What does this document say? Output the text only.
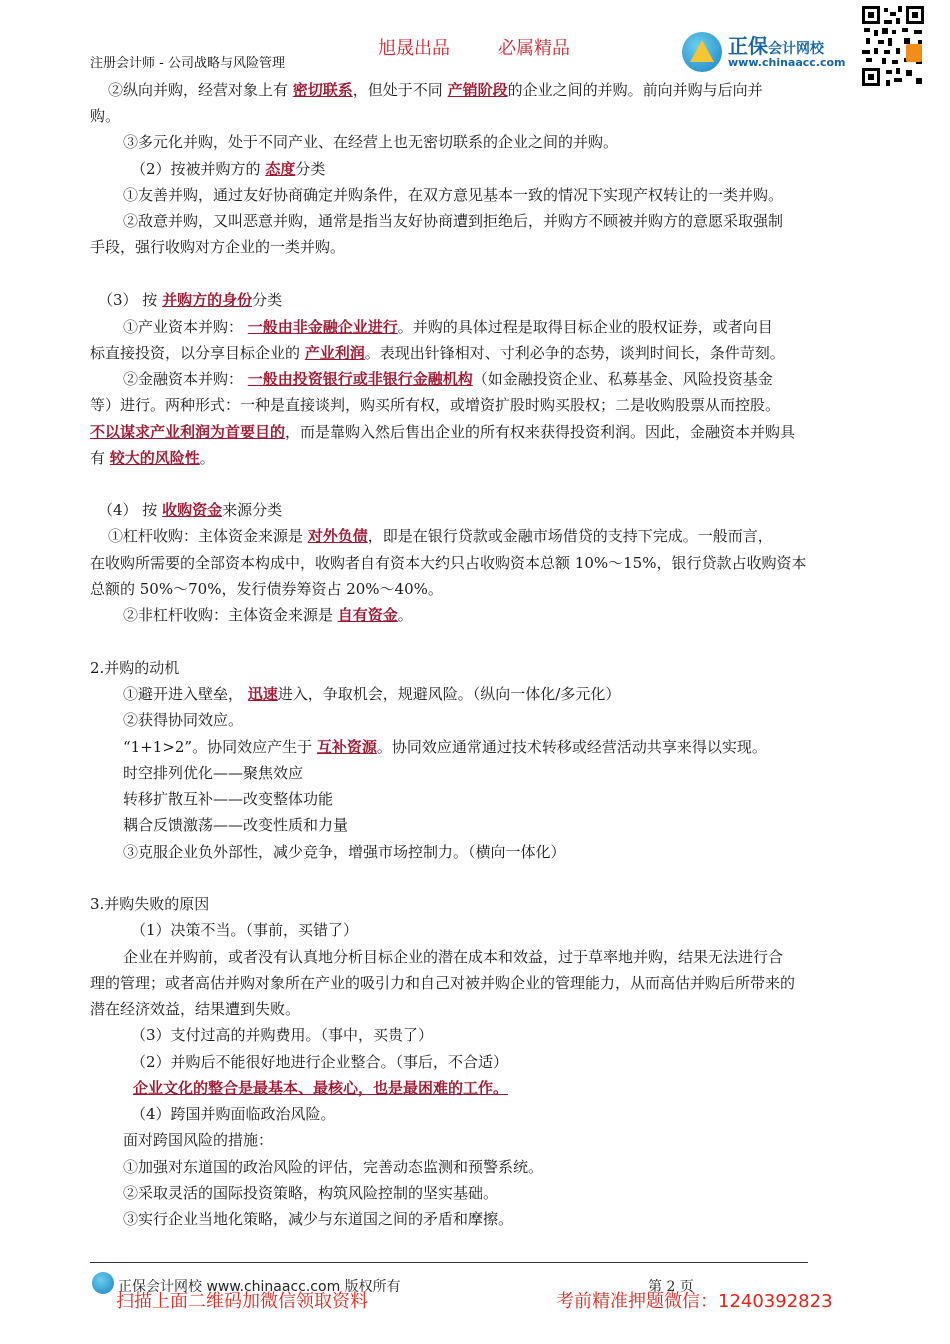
注册会计师 - 公司战略与风险管理
旭晟出品	必属精品	正保会计网校
www.chinaacc.com
②纵向并购，经营对象上有 密切联系，但处于不同 产销阶段的企业之间的并购。前向并购与后向并
购。
③多元化并购，处于不同产业、在经营上也无密切联系的企业之间的并购。
（2）按被并购方的 态度分类
①友善并购，通过友好协商确定并购条件，在双方意见基本一致的情况下实现产权转让的一类并购。
②敌意并购，又叫恶意并购，通常是指当友好协商遭到拒绝后，并购方不顾被并购方的意愿采取强制
手段，强行收购对方企业的一类并购。
（3） 按 并购方的身份分类
①产业资本并购： 一般由非金融企业进行。并购的具体过程是取得目标企业的股权证券，或者向目
标直接投资，以分享目标企业的 产业利润。表现出针锋相对、寸利必争的态势，谈判时间长，条件苛刻。
②金融资本并购： 一般由投资银行或非银行金融机构（如金融投资企业、私募基金、风险投资基金
等）进行。两种形式：一种是直接谈判，购买所有权，或增资扩股时购买股权；二是收购股票从而控股。
不以谋求产业利润为首要目的，而是靠购入然后售出企业的所有权来获得投资利润。因此，金融资本并购具
有 较大的风险性。
（4） 按 收购资金来源分类
①杠杆收购：主体资金来源是 对外负债，即是在银行贷款或金融市场借贷的支持下完成。一般而言，
在收购所需要的全部资本构成中，收购者自有资本大约只占收购资本总额 10%～15%，银行贷款占收购资本
总额的 50%～70%，发行债券筹资占 20%～40%。
②非杠杆收购：主体资金来源是 自有资金。
2.并购的动机
①避开进入壁垒， 迅速进入，争取机会，规避风险。（纵向一体化/多元化）
②获得协同效应。
“1+1>2”。协同效应产生于 互补资源。协同效应通常通过技术转移或经营活动共享来得以实现。
时空排列优化——聚焦效应
转移扩散互补——改变整体功能
耦合反馈激荡——改变性质和力量
③克服企业负外部性，减少竞争，增强市场控制力。（横向一体化）
3.并购失败的原因
（1）决策不当。（事前，买错了）
企业在并购前，或者没有认真地分析目标企业的潜在成本和效益，过于草率地并购，结果无法进行合
理的管理；或者高估并购对象所在产业的吸引力和自己对被并购企业的管理能力，从而高估并购后所带来的
潜在经济效益，结果遭到失败。
（3）支付过高的并购费用。（事中，买贵了）
（2）并购后不能很好地进行企业整合。（事后，不合适）
企业文化的整合是最基本、最核心，也是最困难的工作。
（4）跨国并购面临政治风险。
面对跨国风险的措施：
①加强对东道国的政治风险的评估，完善动态监测和预警系统。
②采取灵活的国际投资策略，构筑风险控制的坚实基础。
③实行企业当地化策略，减少与东道国之间的矛盾和摩擦。
正保会计网校 www.chinaacc.com 版权所有	第 2 页
扫描上面二维码加微信领取资料	考前精准押题微信：1240392823
